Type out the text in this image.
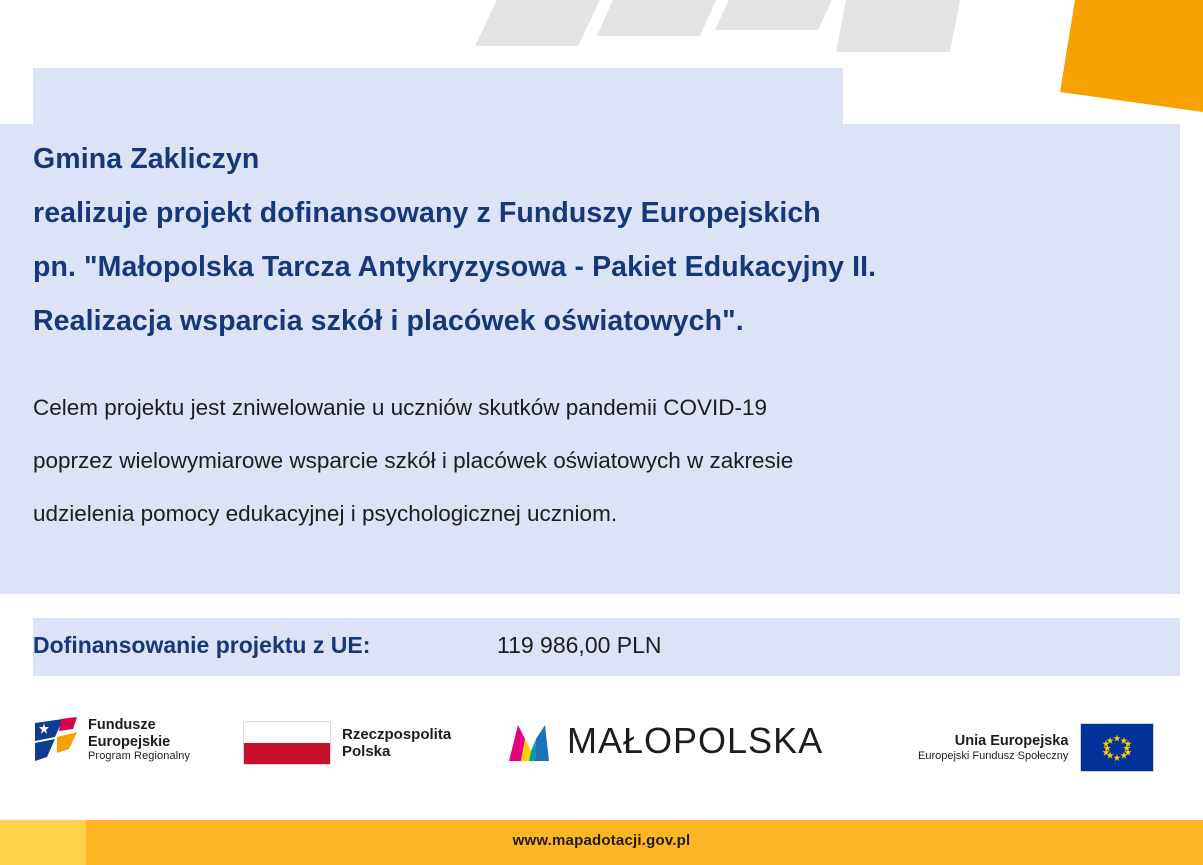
Gmina Zakliczyn
realizuje projekt dofinansowany z Funduszy Europejskich
pn. "Małopolska Tarcza Antykryzysowa - Pakiet Edukacyjny II.
Realizacja wsparcia szkół i placówek oświatowych".
Celem projektu jest zniwelowanie u uczniów skutków pandemii COVID-19
poprzez wielowymiarowe wsparcie szkół i placówek oświatowych w zakresie
udzielenia pomocy edukacyjnej i psychologicznej uczniom.
Dofinansowanie projektu z UE:	119 986,00 PLN
Fundusze
Europejskie
Program Regionalny
Rzeczpospolita
Polska	MAŁOPOLSKA	Unia Europejska
Europejski Fundusz Społeczny
www.mapadotacji.gov.pl
